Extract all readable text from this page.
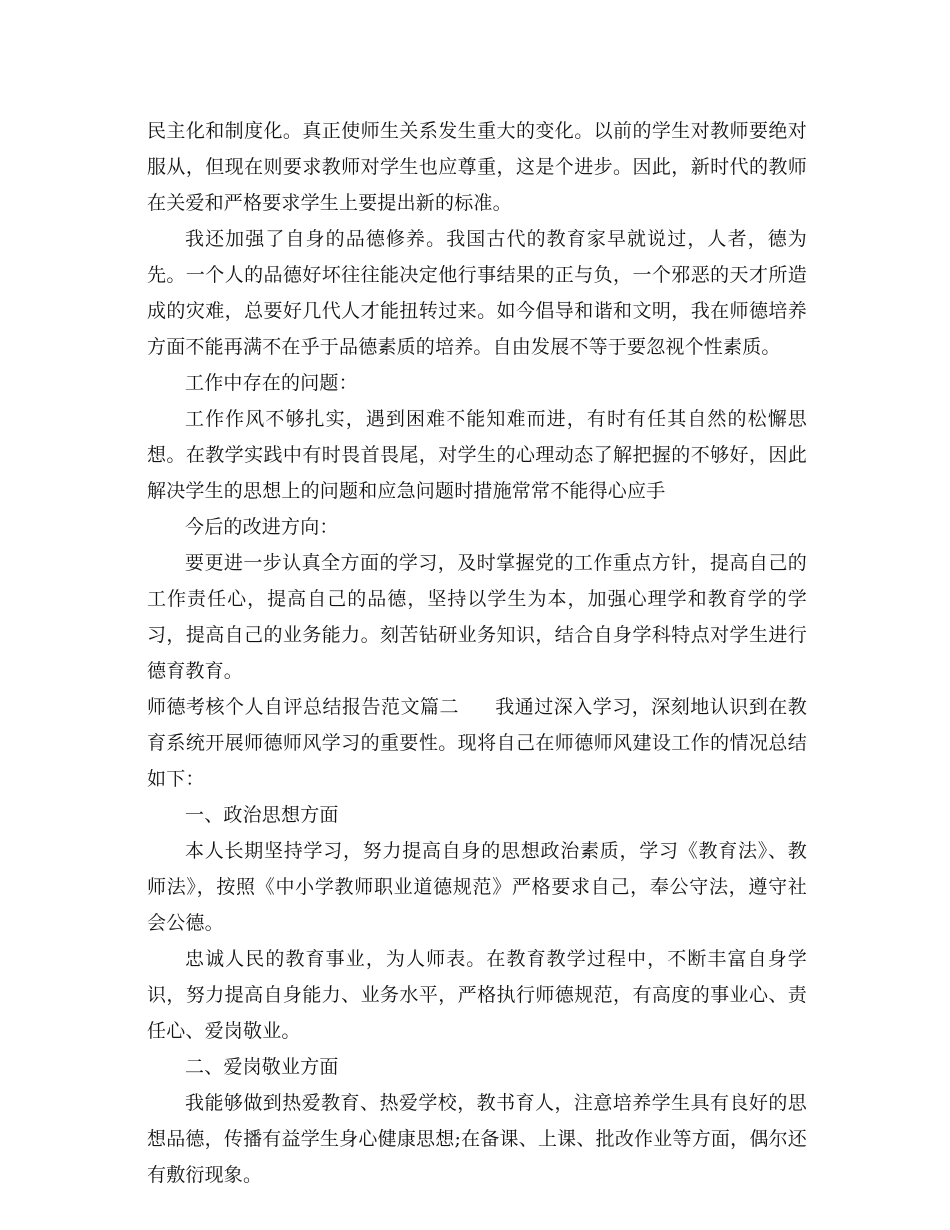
民主化和制度化。真正使师生关系发生重大的变化。以前的学生对教师要绝对服从，但现在则要求教师对学生也应尊重，这是个进步。因此，新时代的教师在关爱和严格要求学生上要提出新的标准。

我还加强了自身的品德修养。我国古代的教育家早就说过，人者，德为先。一个人的品德好坏往往能决定他行事结果的正与负，一个邪恶的天才所造成的灾难，总要好几代人才能扭转过来。如今倡导和谐和文明，我在师德培养方面不能再满不在乎于品德素质的培养。自由发展不等于要忽视个性素质。

工作中存在的问题：

工作作风不够扎实，遇到困难不能知难而进，有时有任其自然的松懈思想。在教学实践中有时畏首畏尾，对学生的心理动态了解把握的不够好，因此解决学生的思想上的问题和应急问题时措施常常不能得心应手

今后的改进方向：

要更进一步认真全方面的学习，及时掌握党的工作重点方针，提高自己的工作责任心，提高自己的品德，坚持以学生为本，加强心理学和教育学的学习，提高自己的业务能力。刻苦钻研业务知识，结合自身学科特点对学生进行德育教育。

师德考核个人自评总结报告范文篇二 我通过深入学习，深刻地认识到在教育系统开展师德师风学习的重要性。现将自己在师德师风建设工作的情况总结如下：

一、政治思想方面

本人长期坚持学习，努力提高自身的思想政治素质，学习《教育法》、教师法》，按照《中小学教师职业道德规范》严格要求自己，奉公守法，遵守社会公德。

忠诚人民的教育事业，为人师表。在教育教学过程中，不断丰富自身学识，努力提高自身能力、业务水平，严格执行师德规范，有高度的事业心、责任心、爱岗敬业。

二、爱岗敬业方面

我能够做到热爱教育、热爱学校，教书育人，注意培养学生具有良好的思想品德，传播有益学生身心健康思想;在备课、上课、批改作业等方面，偶尔还有敷衍现象。
